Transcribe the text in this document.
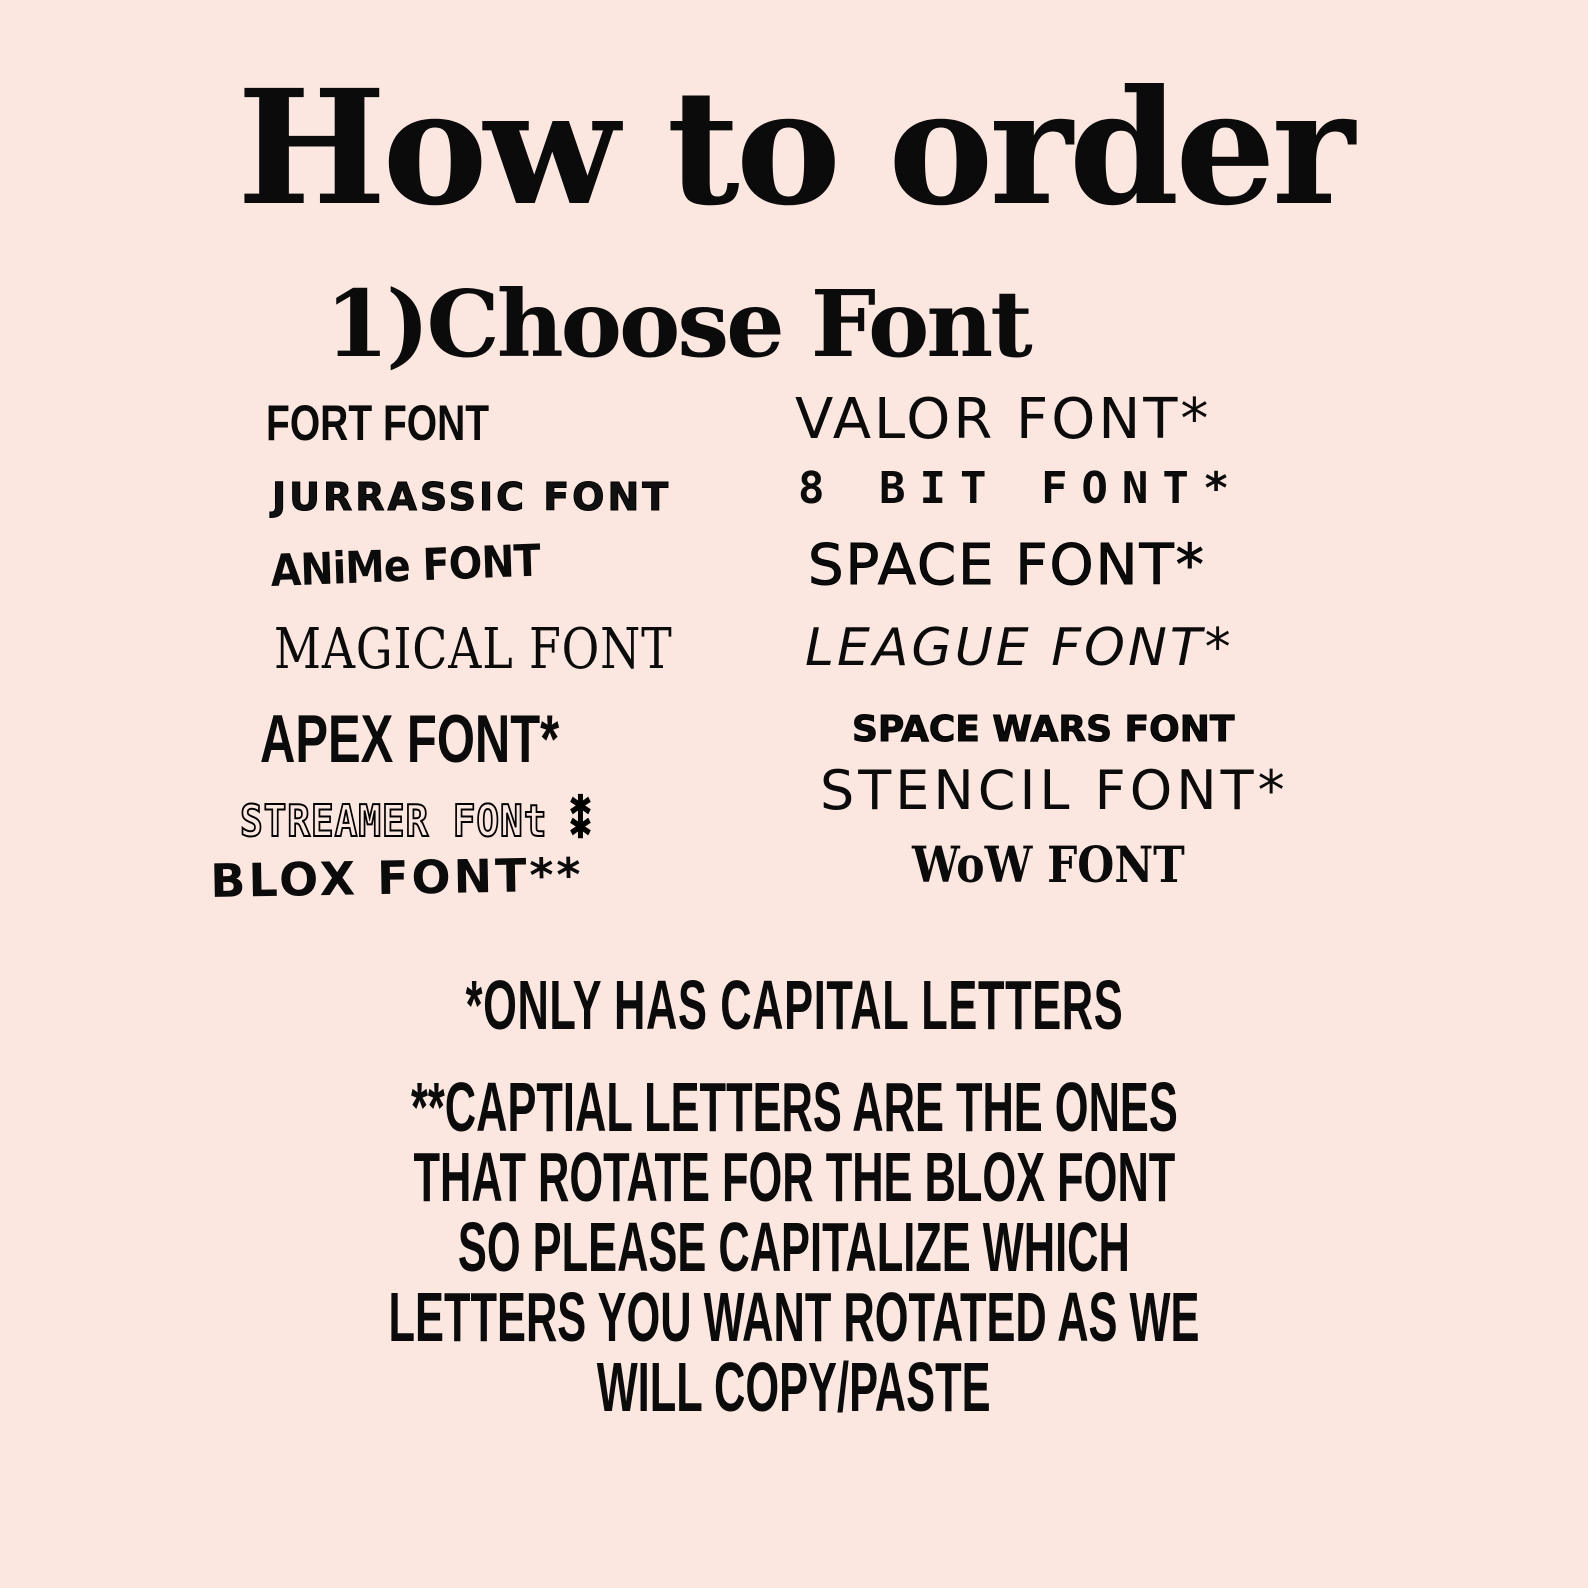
How to order
1)Choose Font
FORT FONT
JURRASSIC FONT
ANiMe FONT
MAGICAL FONT
APEX FONT*
STREAMER FONt ⁑
BLOX FONT**
VALOR FONT*
8 BIT FONT*
SPACE FONT*
LEAGUE FONT*
SPACE WARS FONT
STENCIL FONT*
WoW FONT
*ONLY HAS CAPITAL LETTERS
**CAPTIAL LETTERS ARE THE ONES
THAT ROTATE FOR THE BLOX FONT
SO PLEASE CAPITALIZE WHICH
LETTERS YOU WANT ROTATED AS WE
WILL COPY/PASTE
